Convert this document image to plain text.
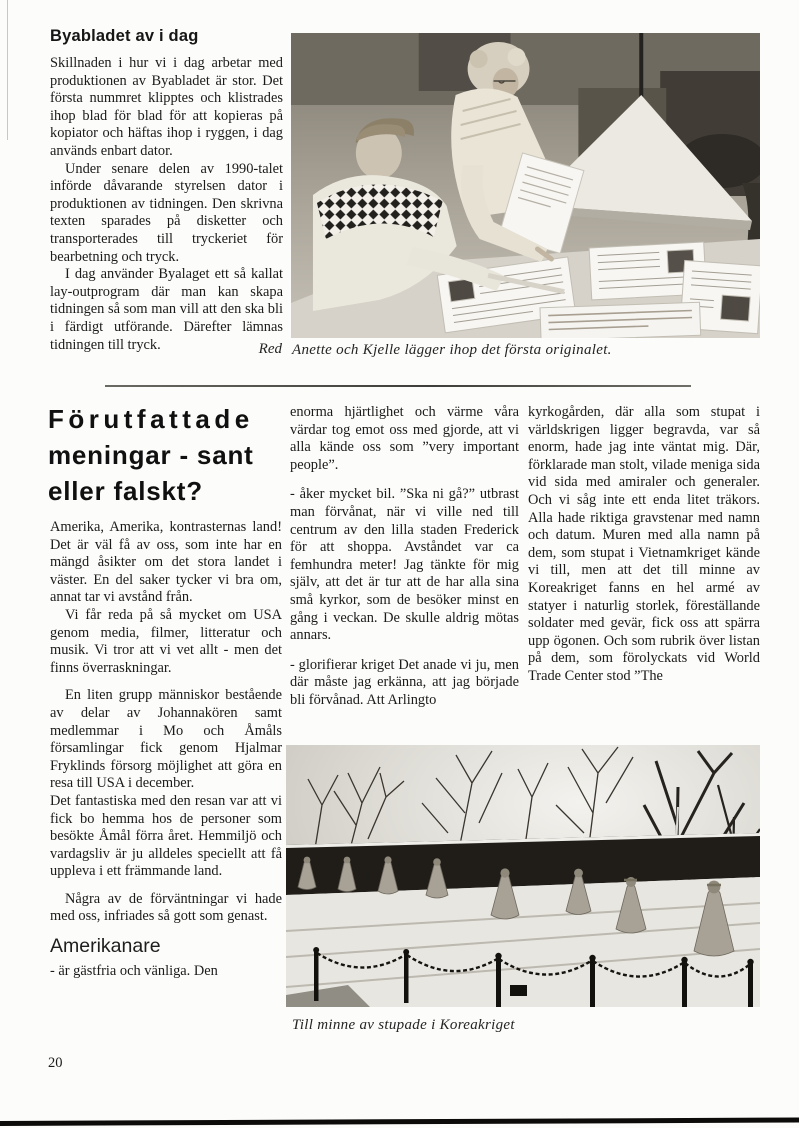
Byabladet av i dag

Skillnaden i hur vi i dag arbetar med produktionen av Byabladet är stor. Det första nummret klipptes och klistrades ihop blad för blad för att kopieras på kopiator och häftas ihop i ryggen, i dag används enbart dator.

Under senare delen av 1990-talet införde dåvarande styrelsen dator i produktionen av tidningen. Den skrivna texten sparades på disketter och transporterades till tryckeriet för bearbetning och tryck.

I dag använder Byalaget ett så kallat lay-outprogram där man kan skapa tidningen så som man vill att den ska bli i färdigt utförande. Därefter lämnas tidningen till tryck.	Red Anette och Kjelle lägger ihop det första originalet.
Förutfattade
meningar - sant
eller falskt?

Amerika, Amerika, kontrasternas land! Det är väl få av oss, som inte har en mängd åsikter om det stora landet i väster. En del saker tycker vi bra om, annat tar vi avstånd från.

Vi får reda på så mycket om USA genom media, filmer, litteratur och musik. Vi tror att vi vet allt - men det finns överraskningar.

En liten grupp människor bestående av delar av Johannakören samt medlemmar i Mo och Åmåls församlingar fick genom Hjalmar Fryklinds försorg möjlighet att göra en resa till USA i december.

Det fantastiska med den resan var att vi fick bo hemma hos de personer som besökte Åmål förra året. Hemmiljö och vardagsliv är ju alldeles speciellt att få uppleva i ett främmande land.

Några av de förväntningar vi hade med oss, infriades så gott som genast.

Amerikanare

- är gästfria och vänliga. Den

enorma hjärtlighet och värme våra värdar tog emot oss med gjorde, att vi alla kände oss som ”very important people”.

- åker mycket bil. ”Ska ni gå?” utbrast man förvånat, när vi ville ned till centrum av den lilla staden Frederick för att shoppa. Avståndet var ca femhundra meter! Jag tänkte för mig själv, att det är tur att de har alla sina små kyrkor, som de besöker minst en gång i veckan. De skulle aldrig mötas annars.

- glorifierar kriget Det anade vi ju, men där måste jag erkänna, att jag började bli förvånad. Att Arlingto

kyrkogården, där alla som stupat i världskrigen ligger begravda, var så enorm, hade jag inte väntat mig. Där, förklarade man stolt, vilade meniga sida vid sida med amiraler och generaler. Och vi såg inte ett enda litet träkors. Alla hade riktiga gravstenar med namn och datum. Muren med alla namn på dem, som stupat i Vietnamkriget kände vi till, men att det till minne av Koreakriget fanns en hel armé av statyer i naturlig storlek, föreställande soldater med gevär, fick oss att spärra upp ögonen. Och som rubrik över listan på dem, som förolyckats vid World Trade Center stod ”The

Till minne av stupade i Koreakriget
20
